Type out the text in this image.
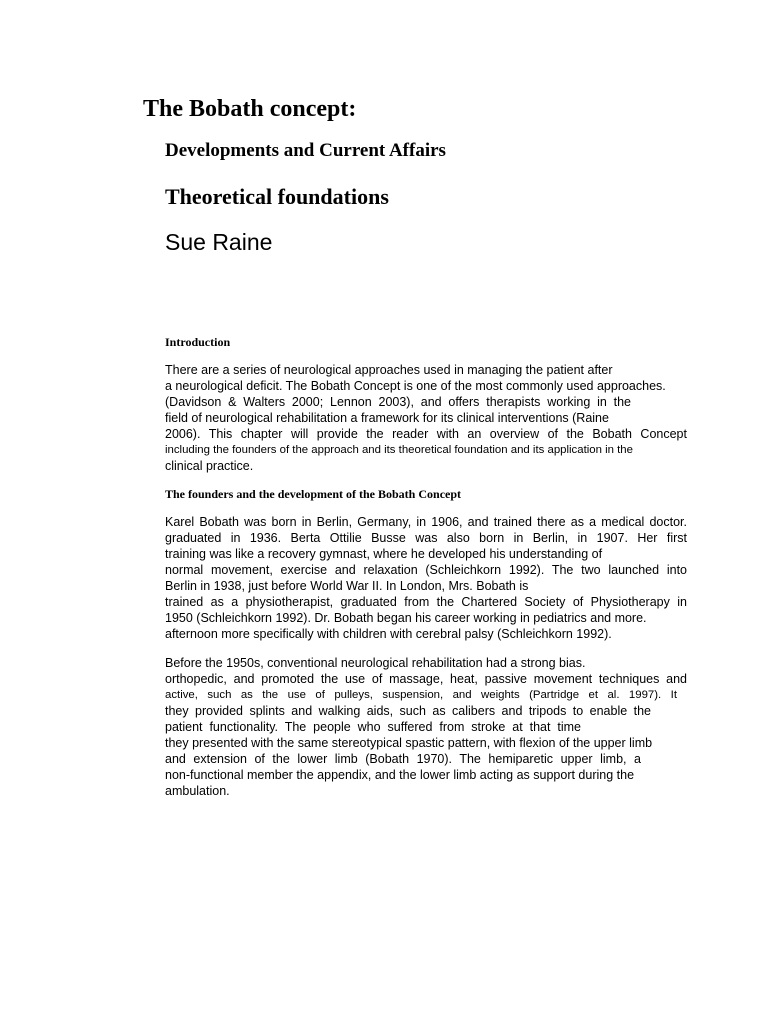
The Bobath concept:
Developments and Current Affairs
Theoretical foundations
Sue Raine
Introduction
There are a series of neurological approaches used in managing the patient after
a neurological deficit. The Bobath Concept is one of the most commonly used approaches.
(Davidson & Walters 2000; Lennon 2003), and offers therapists working in the
field of neurological rehabilitation a framework for its clinical interventions (Raine
2006). This chapter will provide the reader with an overview of the Bobath Concept
including the founders of the approach and its theoretical foundation and its application in the
clinical practice.
The founders and the development of the Bobath Concept
Karel Bobath was born in Berlin, Germany, in 1906, and trained there as a medical doctor.
graduated in 1936. Berta Ottilie Busse was also born in Berlin, in 1907. Her first
training was like a recovery gymnast, where he developed his understanding of
normal movement, exercise and relaxation (Schleichkorn 1992). The two launched into
Berlin in 1938, just before World War II. In London, Mrs. Bobath is
trained as a physiotherapist, graduated from the Chartered Society of Physiotherapy in
1950 (Schleichkorn 1992). Dr. Bobath began his career working in pediatrics and more.
afternoon more specifically with children with cerebral palsy (Schleichkorn 1992).
Before the 1950s, conventional neurological rehabilitation had a strong bias.
orthopedic, and promoted the use of massage, heat, passive movement techniques and
active, such as the use of pulleys, suspension, and weights (Partridge et al. 1997). It
they provided splints and walking aids, such as calibers and tripods to enable the
patient functionality. The people who suffered from stroke at that time
they presented with the same stereotypical spastic pattern, with flexion of the upper limb
and extension of the lower limb (Bobath 1970). The hemiparetic upper limb, a
non-functional member the appendix, and the lower limb acting as support during the
ambulation.
